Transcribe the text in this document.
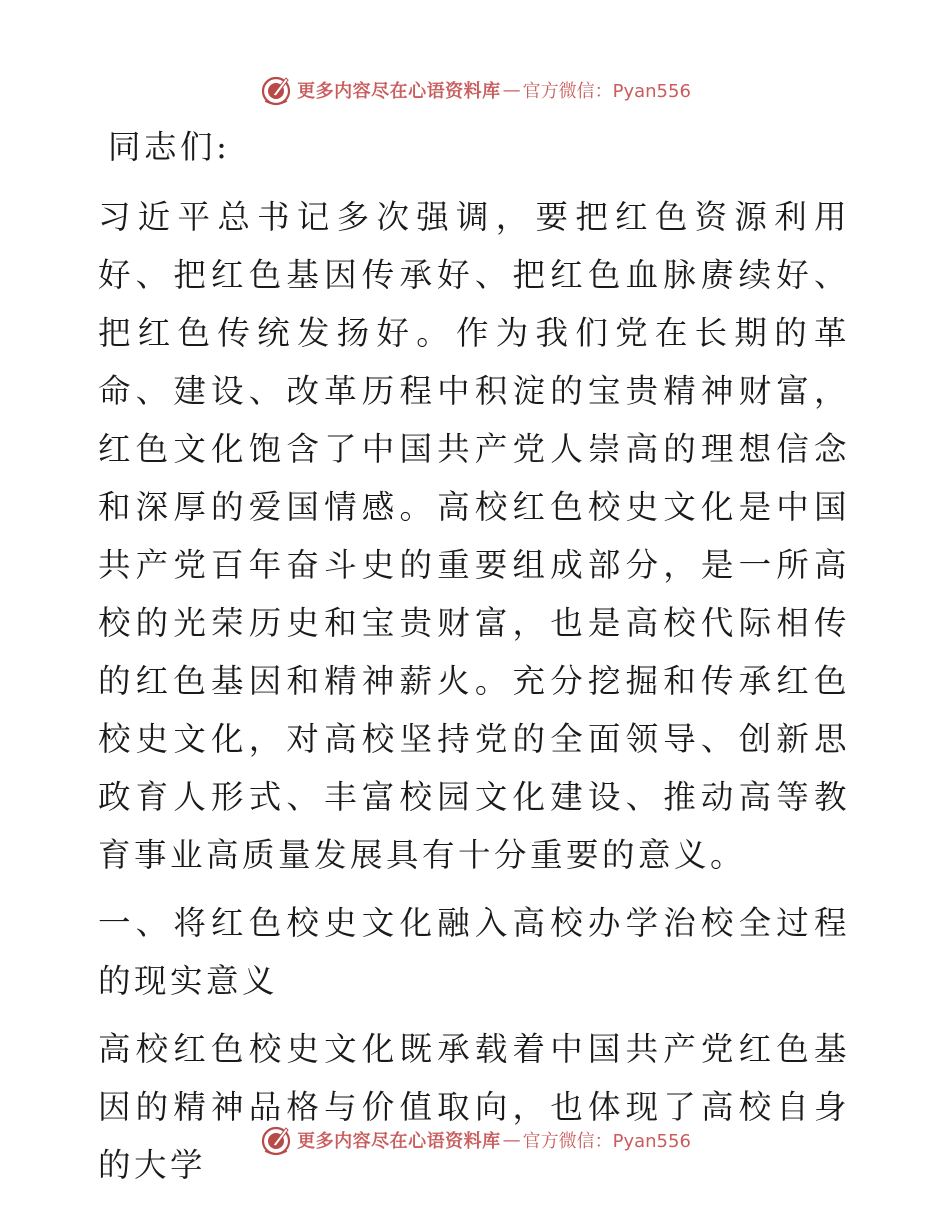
更多内容尽在心语资料库 — 官方微信：Pyan556

同志们:

习近平总书记多次强调，要把红色资源利用好、把红色基因传承好、把红色血脉赓续好、把红色传统发扬好。作为我们党在长期的革命、建设、改革历程中积淀的宝贵精神财富，红色文化饱含了中国共产党人崇高的理想信念和深厚的爱国情感。高校红色校史文化是中国共产党百年奋斗史的重要组成部分，是一所高校的光荣历史和宝贵财富，也是高校代际相传的红色基因和精神薪火。充分挖掘和传承红色校史文化，对高校坚持党的全面领导、创新思政育人形式、丰富校园文化建设、推动高等教育事业高质量发展具有十分重要的意义。

一、将红色校史文化融入高校办学治校全过程的现实意义

高校红色校史文化既承载着中国共产党红色基因的精神品格与价值取向，也体现了高校自身的大学

更多内容尽在心语资料库 — 官方微信：Pyan556
